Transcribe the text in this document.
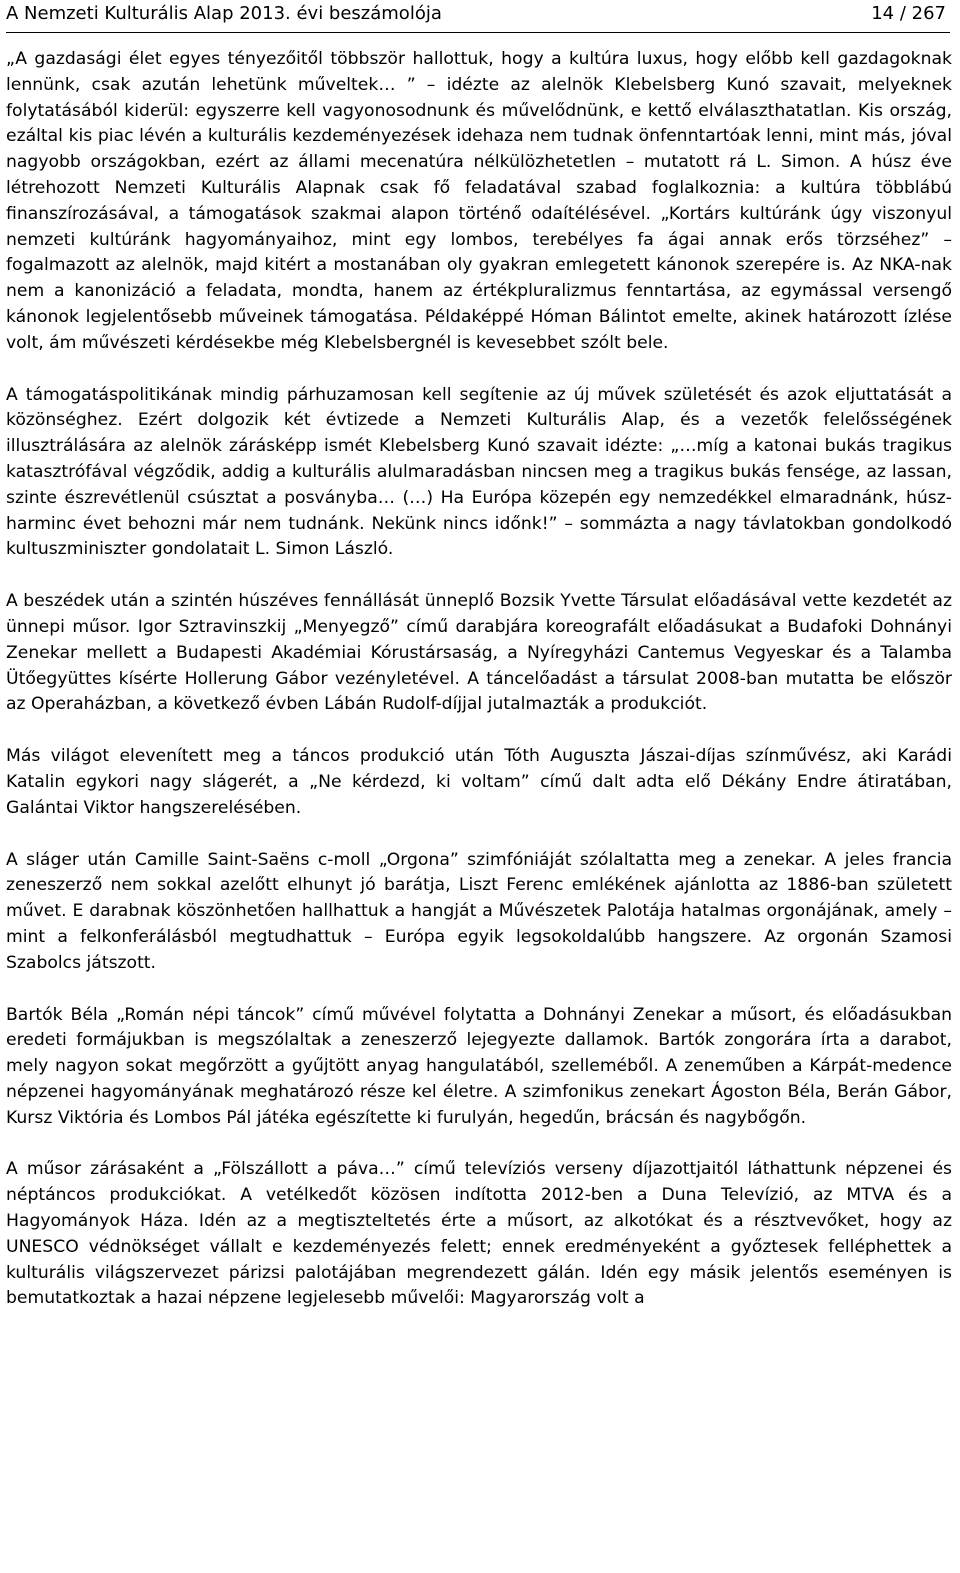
A Nemzeti Kulturális Alap 2013. évi beszámolója	14 / 267

„A gazdasági élet egyes tényezőitől többször hallottuk, hogy a kultúra luxus, hogy előbb kell gazdagoknak lennünk, csak azután lehetünk műveltek… ” – idézte az alelnök Klebelsberg Kunó szavait, melyeknek folytatásából kiderül: egyszerre kell vagyonosodnunk és művelődnünk, e kettő elválaszthatatlan. Kis ország, ezáltal kis piac lévén a kulturális kezdeményezések idehaza nem tudnak önfenntartóak lenni, mint más, jóval nagyobb országokban, ezért az állami mecenatúra nélkülözhetetlen – mutatott rá L. Simon. A húsz éve létrehozott Nemzeti Kulturális Alapnak csak fő feladatával szabad foglalkoznia: a kultúra többlábú finanszírozásával, a támogatások szakmai alapon történő odaítélésével. „Kortárs kultúránk úgy viszonyul nemzeti kultúránk hagyományaihoz, mint egy lombos, terebélyes fa ágai annak erős törzséhez” – fogalmazott az alelnök, majd kitért a mostanában oly gyakran emlegetett kánonok szerepére is. Az NKA-nak nem a kanonizáció a feladata, mondta, hanem az értékpluralizmus fenntartása, az egymással versengő kánonok legjelentősebb műveinek támogatása. Példaképpé Hóman Bálintot emelte, akinek határozott ízlése volt, ám művészeti kérdésekbe még Klebelsbergnél is kevesebbet szólt bele.

A támogatáspolitikának mindig párhuzamosan kell segítenie az új művek születését és azok eljuttatását a közönséghez. Ezért dolgozik két évtizede a Nemzeti Kulturális Alap, és a vezetők felelősségének illusztrálására az alelnök zárásképp ismét Klebelsberg Kunó szavait idézte: „…míg a katonai bukás tragikus katasztrófával végződik, addig a kulturális alulmaradásban nincsen meg a tragikus bukás fensége, az lassan, szinte észrevétlenül csúsztat a posványba… (…) Ha Európa közepén egy nemzedékkel elmaradnánk, húsz-harminc évet behozni már nem tudnánk. Nekünk nincs időnk!” – sommázta a nagy távlatokban gondolkodó kultuszminiszter gondolatait L. Simon László.

A beszédek után a szintén húszéves fennállását ünneplő Bozsik Yvette Társulat előadásával vette kezdetét az ünnepi műsor. Igor Sztravinszkij „Menyegző” című darabjára koreografált előadásukat a Budafoki Dohnányi Zenekar mellett a Budapesti Akadémiai Kórustársaság, a Nyíregyházi Cantemus Vegyeskar és a Talamba Ütőegyüttes kísérte Hollerung Gábor vezényletével. A táncelőadást a társulat 2008-ban mutatta be először az Operaházban, a következő évben Lábán Rudolf-díjjal jutalmazták a produkciót.

Más világot elevenített meg a táncos produkció után Tóth Auguszta Jászai-díjas színművész, aki Karádi Katalin egykori nagy slágerét, a „Ne kérdezd, ki voltam” című dalt adta elő Dékány Endre átiratában, Galántai Viktor hangszerelésében.

A sláger után Camille Saint-Saëns c-moll „Orgona” szimfóniáját szólaltatta meg a zenekar. A jeles francia zeneszerző nem sokkal azelőtt elhunyt jó barátja, Liszt Ferenc emlékének ajánlotta az 1886-ban született művet. E darabnak köszönhetően hallhattuk a hangját a Művészetek Palotája hatalmas orgonájának, amely – mint a felkonferálásból megtudhattuk – Európa egyik legsokoldalúbb hangszere. Az orgonán Szamosi Szabolcs játszott.

Bartók Béla „Román népi táncok” című művével folytatta a Dohnányi Zenekar a műsort, és előadásukban eredeti formájukban is megszólaltak a zeneszerző lejegyezte dallamok. Bartók zongorára írta a darabot, mely nagyon sokat megőrzött a gyűjtött anyag hangulatából, szelleméből. A zeneműben a Kárpát-medence népzenei hagyományának meghatározó része kel életre. A szimfonikus zenekart Ágoston Béla, Berán Gábor, Kursz Viktória és Lombos Pál játéka egészítette ki furulyán, hegedűn, brácsán és nagybőgőn.

A műsor zárásaként a „Fölszállott a páva…” című televíziós verseny díjazottjaitól láthattunk népzenei és néptáncos produkciókat. A vetélkedőt közösen indította 2012-ben a Duna Televízió, az MTVA és a Hagyományok Háza. Idén az a megtiszteltetés érte a műsort, az alkotókat és a résztvevőket, hogy az UNESCO védnökséget vállalt e kezdeményezés felett; ennek eredményeként a győztesek felléphettek a kulturális világszervezet párizsi palotájában megrendezett gálán. Idén egy másik jelentős eseményen is bemutatkoztak a hazai népzene legjelesebb művelői: Magyarország volt a
